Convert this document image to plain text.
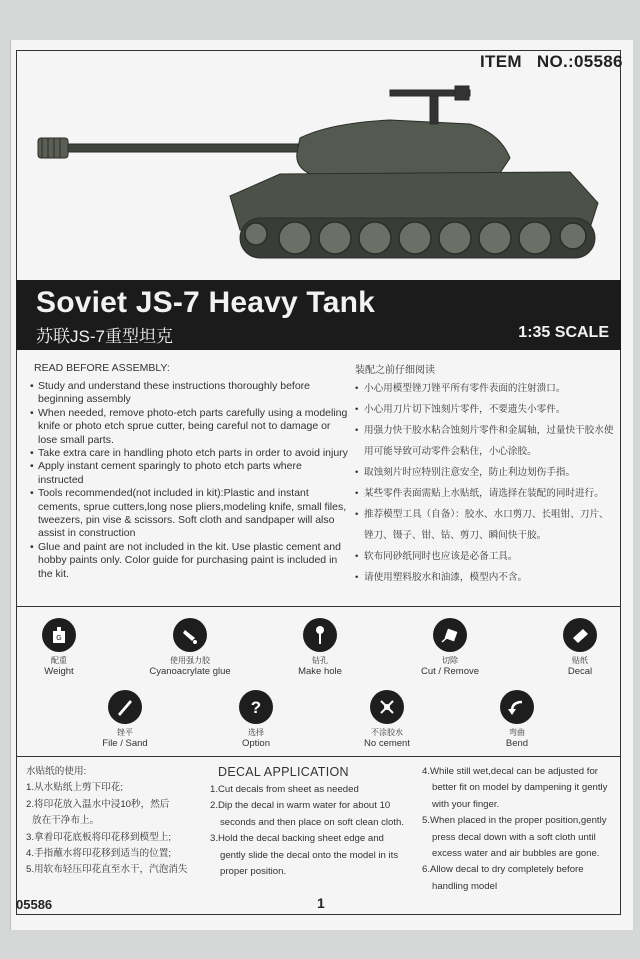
ITEM   NO.:05586
Soviet JS-7 Heavy Tank
苏联JS-7重型坦克	1:35 SCALE
READ BEFORE ASSEMBLY:
• Study and understand these instructions thoroughly before beginning assembly
• When needed, remove photo-etch parts carefully using a modeling knife or photo etch sprue cutter, being careful not to damage or lose small parts.
• Take extra care in handling photo etch parts in order to avoid injury
• Apply instant cement sparingly to photo etch parts where instructed
• Tools recommended(not included in kit):Plastic and instant cements, sprue cutters,long nose pliers,modeling knife, small files, tweezers, pin vise & scissors. Soft cloth and sandpaper will also assist in construction
• Glue and paint are not included in the kit. Use plastic cement and hobby paints only. Color guide for purchasing paint is included in the kit.
装配之前仔细阅读
• 小心用模型锉刀锉平所有零件表面的注射溃口。
• 小心用刀片切下蚀刻片零件，不要遗失小零件。
• 用强力快干胶水粘合蚀刻片零件和金属轴，过量快干胶水使用可能导致可动零件会粘住，小心涂胶。
• 取蚀刻片时应特别注意安全，防止利边划伤手指。
• 某些零件表面需贴上水贴纸，请选择在装配的同时进行。
• 推荐模型工具（自备）：胶水、水口剪刀、长咀钳、刀片、锉刀、镊子、钳、钻、剪刀、瞬间快干胶。
• 软布同砂纸同时也应该是必备工具。
• 请使用塑料胶水和油漆，模型内不含。
G
配重
Weight
使用强力胶
Cyanoacrylate glue
钻孔
Make hole
切除
Cut / Remove
贴纸
Decal
锉平
File / Sand
?
选择
Option
不涂胶水
No cement
弯曲
Bend
水贴纸的使用:
1.从水贴纸上剪下印花;
2.将印花放入温水中浸10秒，然后
放在干净布上。
3.拿着印花底板将印花移到模型上;
4.手指蘸水将印花移到适当的位置;
5.用软布轻压印花直至水干，汽泡消失
DECAL APPLICATION
1.Cut decals from sheet as needed
2.Dip the decal in warm water for about 10
seconds and then place on soft clean cloth.
3.Hold the decal backing sheet edge and
gently slide the decal onto the model in its
proper position.
4.While still wet,decal can be adjusted for
better fit on model by dampening it gently
with your finger.
5.When placed in the proper position,gently
press decal down with a soft cloth until
excess water and air bubbles are gone.
6.Allow decal to dry completely before
handling model
05586	1
